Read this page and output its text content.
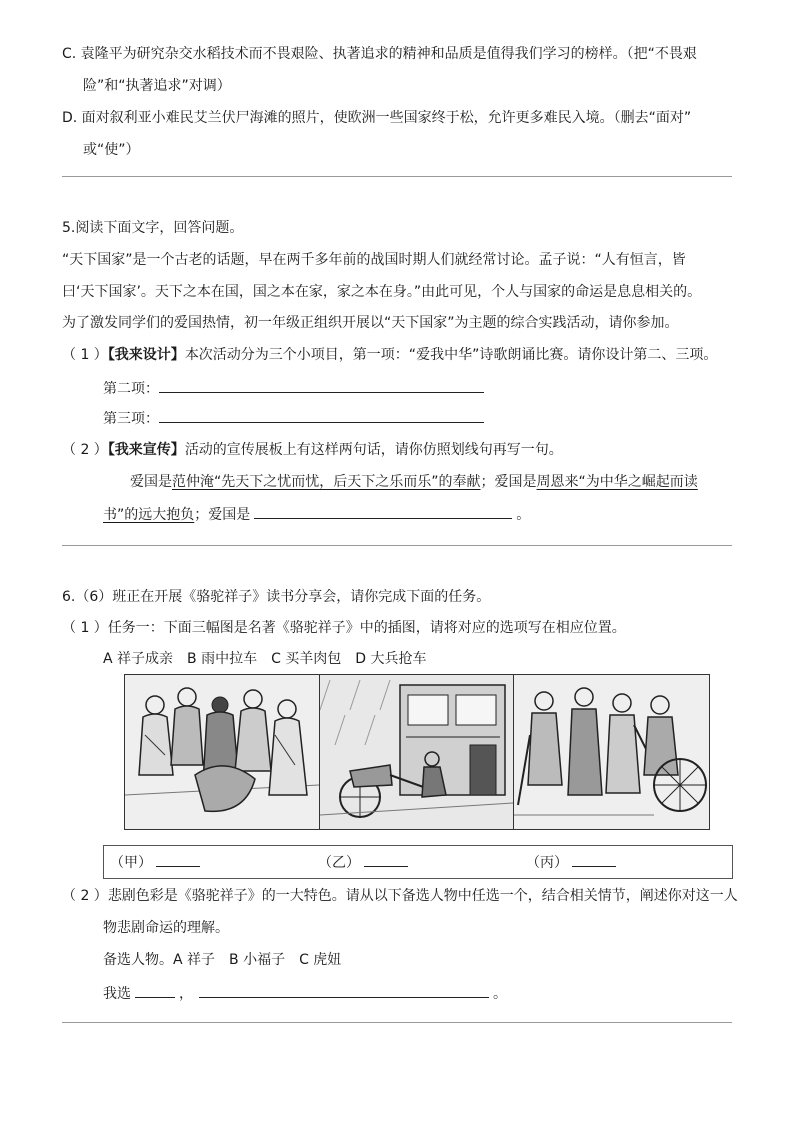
C. 袁隆平为研究杂交水稻技术而不畏艰险、执著追求的精神和品质是值得我们学习的榜样。（把“不畏艰
险”和“执著追求”对调）
D. 面对叙利亚小难民艾兰伏尸海滩的照片，使欧洲一些国家终于松，允许更多难民入境。（删去“面对”
或“使”）
5.阅读下面文字，回答问题。
“天下国家”是一个古老的话题，早在两千多年前的战国时期人们就经常讨论。孟子说：“人有恒言，皆
曰‘天下国家’。天下之本在国，国之本在家，家之本在身。”由此可见，个人与国家的命运是息息相关的。
为了激发同学们的爱国热情，初一年级正组织开展以“天下国家”为主题的综合实践活动，请你参加。
（ 1 ）【我来设计】本次活动分为三个小项目，第一项：“爱我中华”诗歌朗诵比赛。请你设计第二、三项。
第二项：
第三项：
（ 2 ）【我来宣传】活动的宣传展板上有这样两句话，请你仿照划线句再写一句。
爱国是范仲淹“先天下之忧而忧，后天下之乐而乐”的奉献；爱国是周恩来“为中华之崛起而读
书”的远大抱负；爱国是	。
6.（6）班正在开展《骆驼祥子》读书分享会，请你完成下面的任务。
（ 1 ）任务一：下面三幅图是名著《骆驼祥子》中的插图，请将对应的选项写在相应位置。
A 祥子成亲　B 雨中拉车　C 买羊肉包　D 大兵抢车
（甲）	（乙）	（丙）
（ 2 ）悲剧色彩是《骆驼祥子》的一大特色。请从以下备选人物中任选一个，结合相关情节，阐述你对这一人
物悲剧命运的理解。
备选人物。A 祥子　B 小福子　C 虎妞
我选	，	。
